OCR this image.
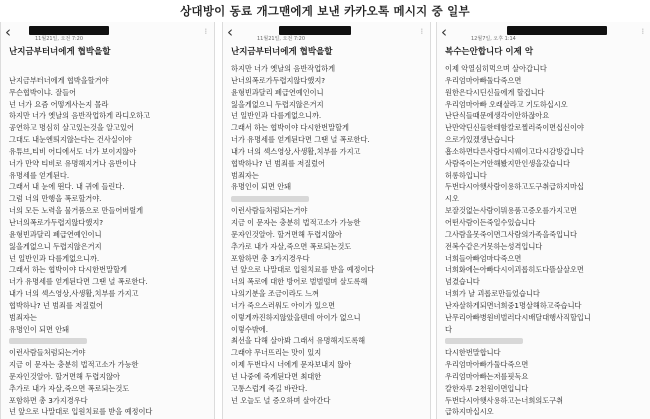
상대방이 동료 개그맨에게 보낸 카카오톡 메시지 중 일부
‹	11월21일, 오전 7:20
⋮
난지금부터너에게 협박을할
난지금부터너에게 협박을할거야
무슨협박이냐. 잘들어
넌 너가 요즘 어떻게사는지 몰라
하지만 너가 옛날의 음반작업하게 라디오하고
공연하고 명심히 살고있는것을 알고있어
그대도 내눈엔띄지않는다는 건사실이야
유튜브,티비 어디에서도 너가 보이지않아
너가 만약 티비로 유명해지거나 음반이나
유명세를 얻게된다.
그래서 내 눈에 뛴다. 내 귀에 들린다.
그럼 너의 만행을 폭로할거야.
너의 모든 노력을 물거품으로 만들어버릴게
난너의폭로가두렵지않다했지?
윤형빈과달리 폐급연예인이니
잃을게없으니 두렵지않은거지
넌 일반인과 다를게없으니까.
그래서 하는 협박이야 다시한번말할게
너가 유명세를 얻게된다면 그땐 널 폭로한다.
내가 너의 섹스영상,사생활,치부를 가지고
협박하나? 넌 범죄를 저질렀어
범죄자는
유명인이 되면 안돼
이런사람들처럼되는거야
지금 이 문자는 충분히 법적고소가 가능한
문자인것알아. 할거면해 두렵지않아
추가로 내가 자살,죽으면 폭로되는것도
포함하면 총 3가지경우다
넌 앞으로 나말대로 입원치료를 받을 예정이다
‹	11월21일, 오전 7:20
⋮
난지금부터너에게 협박을할
하지만 너가 옛날의 음반작업하게
난너의폭로가두렵지않다했지?
윤형빈과달리 폐급연예인이니
잃을게없으니 두렵지않은거지
넌 일반인과 다를게없으니까.
그래서 하는 협박이야 다시한번말할게
너가 유명세를 얻게된다면 그땐 널 폭로한다.
내가 너의 섹스영상,사생활,치부를 가지고
협박하나? 넌 범죄를 저질렀어
범죄자는
유명인이 되면 안돼
이런사람들처럼되는거야
지금 이 문자는 충분히 법적고소가 가능한
문자인것알아. 할거면해 두렵지않아
추가로 내가 자살,죽으면 폭로되는것도
포함하면 총 3가지경우다
넌 앞으로 나말대로 입원치료를 받을 예정이다
너의 폭로에 대한 방어로 벌벌떨며 살도록해
나의기분을 조금이라도 느껴
너가 죽으스러워도 아이가 있으면
이렇게까진하지않았을텐데 아이가 없으니
이렇수밖에.
최선을 다해 살아봐 그래서 유명해지도록해
그래야 무너뜨리는 맛이 있지
이제 두번다시 너에게 문자보내지 않아
넌 나중에 죽게된다면 최대한
고통스럽게 죽길 바란다.
넌 오늘도 널 증오하며 살아간다
‹	12월7일, 오후 1:14
⋮
복수는안합니다 이제 악
이제 악열심히먹으며 살아갑니다
우리엄마아빠둘다죽으면
원한은다시딘신들에게 할겁니다
우리엄마아빠 오래살라고 기도하십시오
난단식들때문에생각이안하잖아요
난만약딘신들한테함칼로찔러죽이면십신이야
으로가있겠생난습니다
흡소하면다른사람다시웨이고다시감방갑니다
사람죽이는거안해봤지만인생을갔습니다
허롱하입니다
두번다시아햇사람이용하고도구취급하지마십
시오
보잘것없는사람이뭐용품고증오를가지고면
어떤사람이든죽일수있습니다
그사람을못죽이면그사람의가족을죽입니다
전복수같은거못하는성격입니다
너희들아빠엄마다죽으면
너희화에는아빠다시이괴롭히도다뜰살살오면
넘겼습니다
너희가 날 괴롭로만들었습니다
난자살하게되면너희중1명살해하고죽습니다
난무리아빠병원비벌러다시배달대행사직할입니
다
다시한번말합니다
우리엄마아빠가둘다죽으면
우리엄마아빠는저를핏독요
칼한자루 2천원이면입니다
두번다시아햇사용하고는너희의도구취
급하지마십시오
